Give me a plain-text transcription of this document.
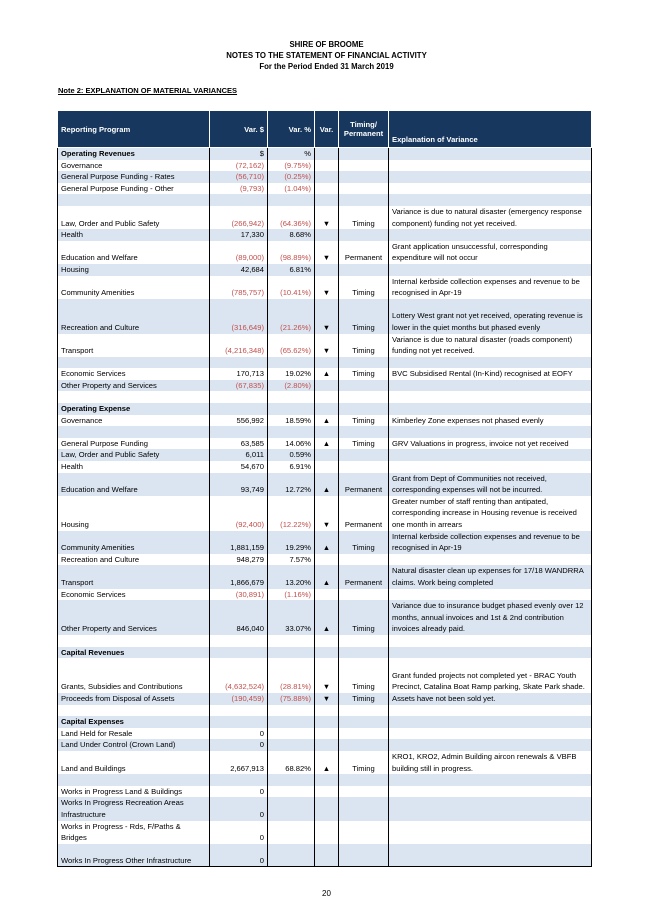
SHIRE OF BROOME
NOTES TO THE STATEMENT OF FINANCIAL ACTIVITY
For the Period Ended 31 March 2019
Note 2: EXPLANATION OF MATERIAL VARIANCES
Reporting Program	Var. $	Var. %	Var.	Timing/ Permanent	Explanation of Variance
Operating Revenues	$	%			
Governance	(72,162)	(9.75%)			
General Purpose Funding - Rates	(56,710)	(0.25%)			
General Purpose Funding - Other	(9,793)	(1.04%)			

Law, Order and Public Safety	(266,942)	(64.36%)	▼	Timing	Variance is due to natural disaster (emergency response component) funding not yet received.
Health	17,330	8.68%			
Education and Welfare	(89,000)	(98.89%)	▼	Permanent	Grant application unsuccessful, corresponding expenditure will not occur
Housing	42,684	6.81%			
Community Amenities	(785,757)	(10.41%)	▼	Timing	Internal kerbside collection expenses and revenue to be recognised in Apr-19
Recreation and Culture	(316,649)	(21.26%)	▼	Timing	Lottery West grant not yet received, operating revenue is lower in the quiet months but phased evenly
Transport	(4,216,348)	(65.62%)	▼	Timing	Variance is due to natural disaster (roads component) funding not yet received.

Economic Services	170,713	19.02%	▲	Timing	BVC Subsidised Rental (In-Kind) recognised at EOFY
Other Property and Services	(67,835)	(2.80%)			

Operating Expense					
Governance	556,992	18.59%	▲	Timing	Kimberley Zone expenses not phased evenly

General Purpose Funding	63,585	14.06%	▲	Timing	GRV Valuations in progress, invoice not yet received
Law, Order and Public Safety	6,011	0.59%			
Health	54,670	6.91%			
Education and Welfare	93,749	12.72%	▲	Permanent	Grant from Dept of Communities not received, corresponding expenses will not be incurred.
Housing	(92,400)	(12.22%)	▼	Permanent	Greater number of staff renting than antipated, corresponding increase in Housing revenue is received one month in arrears
Community Amenities	1,881,159	19.29%	▲	Timing	Internal kerbside collection expenses and revenue to be recognised in Apr-19
Recreation and Culture	948,279	7.57%			
Transport	1,866,679	13.20%	▲	Permanent	Natural disaster clean up expenses for 17/18 WANDRRA claims. Work being completed
Economic Services	(30,891)	(1.16%)			
Other Property and Services	846,040	33.07%	▲	Timing	Variance due to insurance budget phased evenly over 12 months, annual invoices and 1st & 2nd contribution invoices already paid.

Capital Revenues					
Grants, Subsidies and Contributions	(4,632,524)	(28.81%)	▼	Timing	Grant funded projects not completed yet - BRAC Youth Precinct, Catalina Boat Ramp parking, Skate Park shade.
Proceeds from Disposal of Assets	(190,459)	(75.88%)	▼	Timing	Assets have not been sold yet.

Capital Expenses					
Land Held for Resale	0				
Land Under Control (Crown Land)	0				
Land and Buildings	2,667,913	68.82%	▲	Timing	KRO1, KRO2, Admin Building aircon renewals & VBFB building still in progress.

Works in Progress Land & Buildings	0				
Works In Progress Recreation Areas Infrastructure	0				
Works in Progress - Rds, F/Paths & Bridges	0				
Works In Progress Other Infrastructure	0				
20
